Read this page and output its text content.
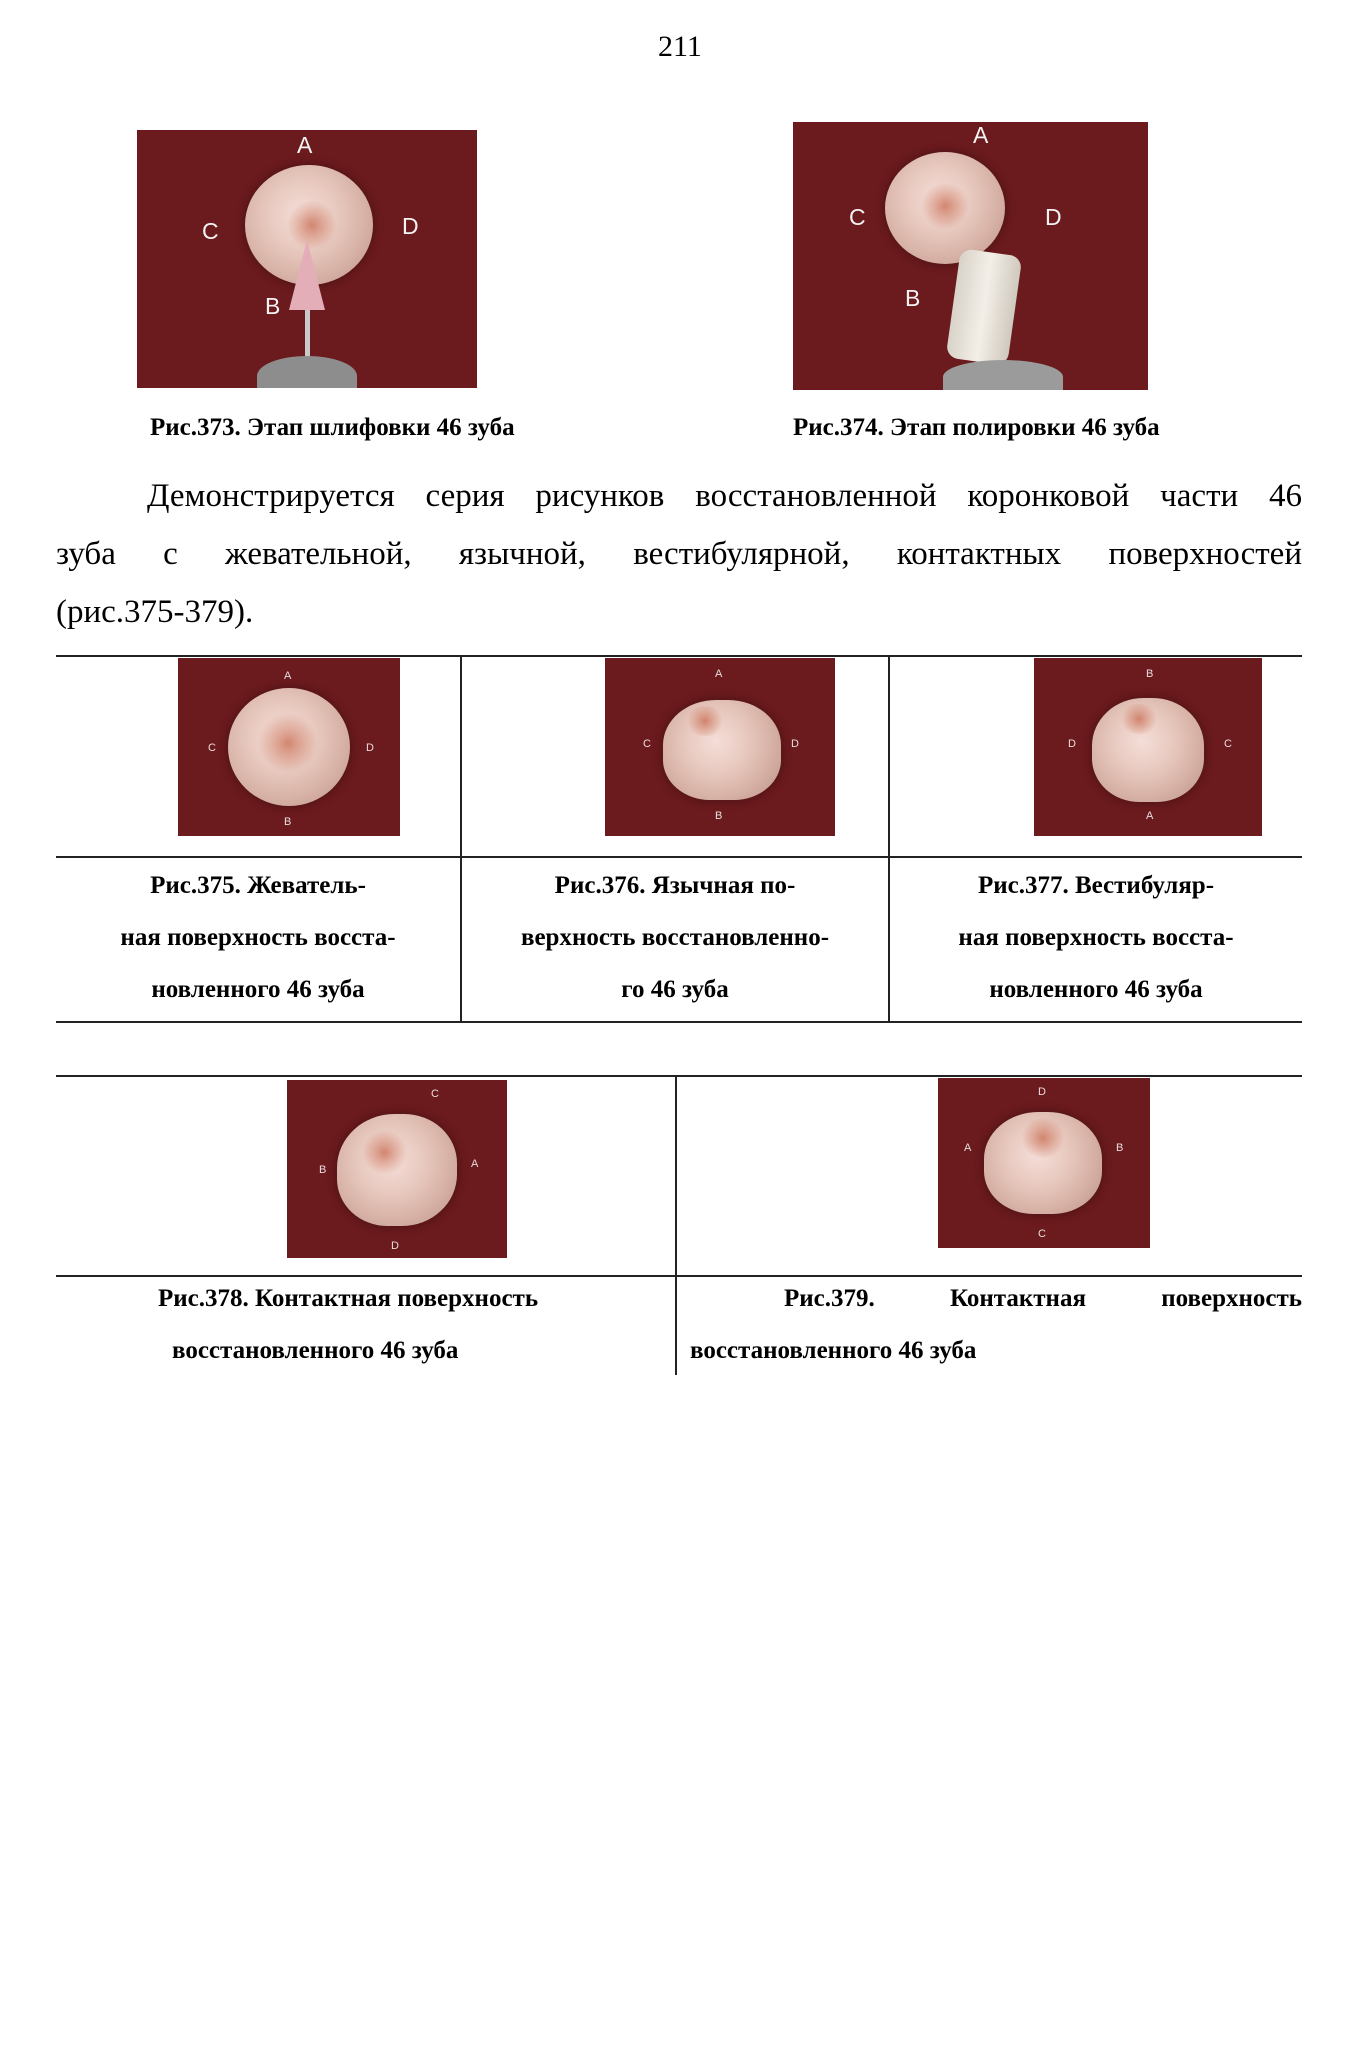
211
A
C	D
B
Рис.373. Этап шлифовки 46 зуба
A
C	D
B
Рис.374. Этап полировки 46 зуба
Демонстрируется серия рисунков восстановленной коронковой части 46
зуба с жевательной, язычной, вестибулярной, контактных поверхностей
(рис.375-379).
A
B
C	D
A
B
C	D
B
A
D	C
Рис.375. Жеватель-
ная поверхность восста-
новленного 46 зуба
Рис.376. Язычная по-
верхность восстановленно-
го 46 зуба
Рис.377. Вестибуляр-
ная поверхность восста-
новленного 46 зуба
C
D
B	A
D
C
A	B
Рис.378. Контактная поверхность
восстановленного 46 зуба
Рис.379. Контактная поверхность
восстановленного 46 зуба
